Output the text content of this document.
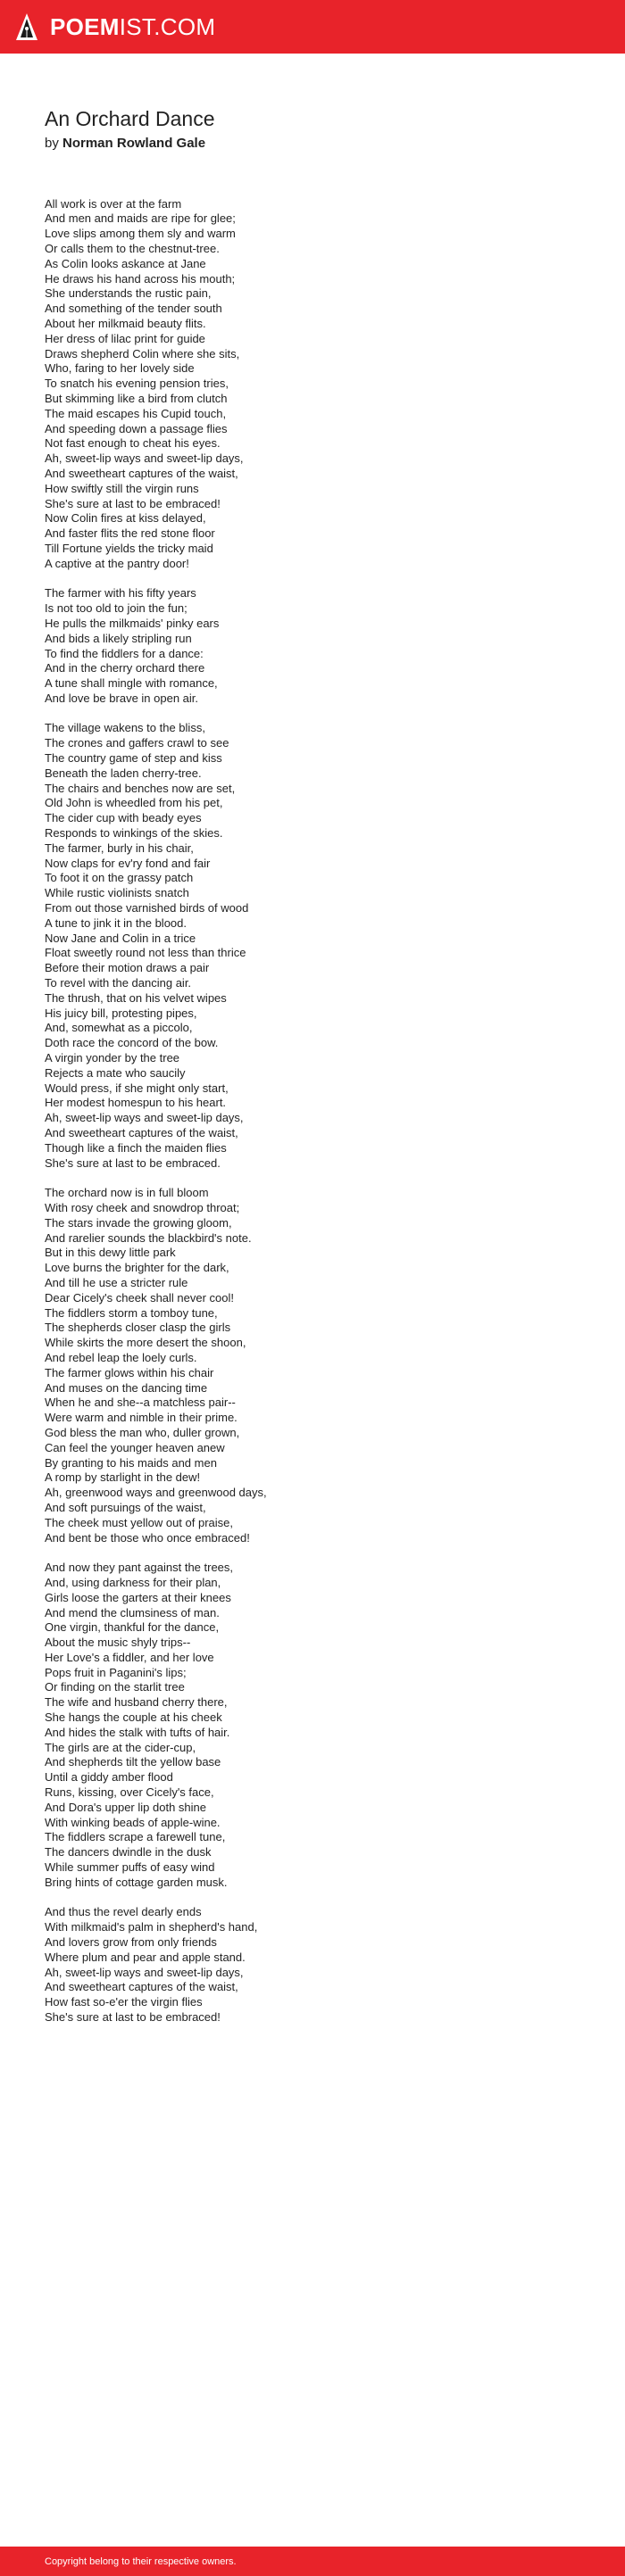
POEMIST.COM
An Orchard Dance
by Norman Rowland Gale
All work is over at the farm
And men and maids are ripe for glee;
Love slips among them sly and warm
Or calls them to the chestnut-tree.
As Colin looks askance at Jane
He draws his hand across his mouth;
She understands the rustic pain,
And something of the tender south
About her milkmaid beauty flits.
Her dress of lilac print for guide
Draws shepherd Colin where she sits,
Who, faring to her lovely side
To snatch his evening pension tries,
But skimming like a bird from clutch
The maid escapes his Cupid touch,
And speeding down a passage flies
Not fast enough to cheat his eyes.
Ah, sweet-lip ways and sweet-lip days,
And sweetheart captures of the waist,
How swiftly still the virgin runs
She's sure at last to be embraced!
Now Colin fires at kiss delayed,
And faster flits the red stone floor
Till Fortune yields the tricky maid
A captive at the pantry door!
The farmer with his fifty years
Is not too old to join the fun;
He pulls the milkmaids' pinky ears
And bids a likely stripling run
To find the fiddlers for a dance:
And in the cherry orchard there
A tune shall mingle with romance,
And love be brave in open air.
The village wakens to the bliss,
The crones and gaffers crawl to see
The country game of step and kiss
Beneath the laden cherry-tree.
The chairs and benches now are set,
Old John is wheedled from his pet,
The cider cup with beady eyes
Responds to winkings of the skies.
The farmer, burly in his chair,
Now claps for ev'ry fond and fair
To foot it on the grassy patch
While rustic violinists snatch
From out those varnished birds of wood
A tune to jink it in the blood.
Now Jane and Colin in a trice
Float sweetly round not less than thrice
Before their motion draws a pair
To revel with the dancing air.
The thrush, that on his velvet wipes
His juicy bill, protesting pipes,
And, somewhat as a piccolo,
Doth race the concord of the bow.
A virgin yonder by the tree
Rejects a mate who saucily
Would press, if she might only start,
Her modest homespun to his heart.
Ah, sweet-lip ways and sweet-lip days,
And sweetheart captures of the waist,
Though like a finch the maiden flies
She's sure at last to be embraced.
The orchard now is in full bloom
With rosy cheek and snowdrop throat;
The stars invade the growing gloom,
And rarelier sounds the blackbird's note.
But in this dewy little park
Love burns the brighter for the dark,
And till he use a stricter rule
Dear Cicely's cheek shall never cool!
The fiddlers storm a tomboy tune,
The shepherds closer clasp the girls
While skirts the more desert the shoon,
And rebel leap the loely curls.
The farmer glows within his chair
And muses on the dancing time
When he and she--a matchless pair--
Were warm and nimble in their prime.
God bless the man who, duller grown,
Can feel the younger heaven anew
By granting to his maids and men
A romp by starlight in the dew!
Ah, greenwood ways and greenwood days,
And soft pursuings of the waist,
The cheek must yellow out of praise,
And bent be those who once embraced!
And now they pant against the trees,
And, using darkness for their plan,
Girls loose the garters at their knees
And mend the clumsiness of man.
One virgin, thankful for the dance,
About the music shyly trips--
Her Love's a fiddler, and her love
Pops fruit in Paganini's lips;
Or finding on the starlit tree
The wife and husband cherry there,
She hangs the couple at his cheek
And hides the stalk with tufts of hair.
The girls are at the cider-cup,
And shepherds tilt the yellow base
Until a giddy amber flood
Runs, kissing, over Cicely's face,
And Dora's upper lip doth shine
With winking beads of apple-wine.
The fiddlers scrape a farewell tune,
The dancers dwindle in the dusk
While summer puffs of easy wind
Bring hints of cottage garden musk.
And thus the revel dearly ends
With milkmaid's palm in shepherd's hand,
And lovers grow from only friends
Where plum and pear and apple stand.
Ah, sweet-lip ways and sweet-lip days,
And sweetheart captures of the waist,
How fast so-e'er the virgin flies
She's sure at last to be embraced!
Copyright belong to their respective owners.
